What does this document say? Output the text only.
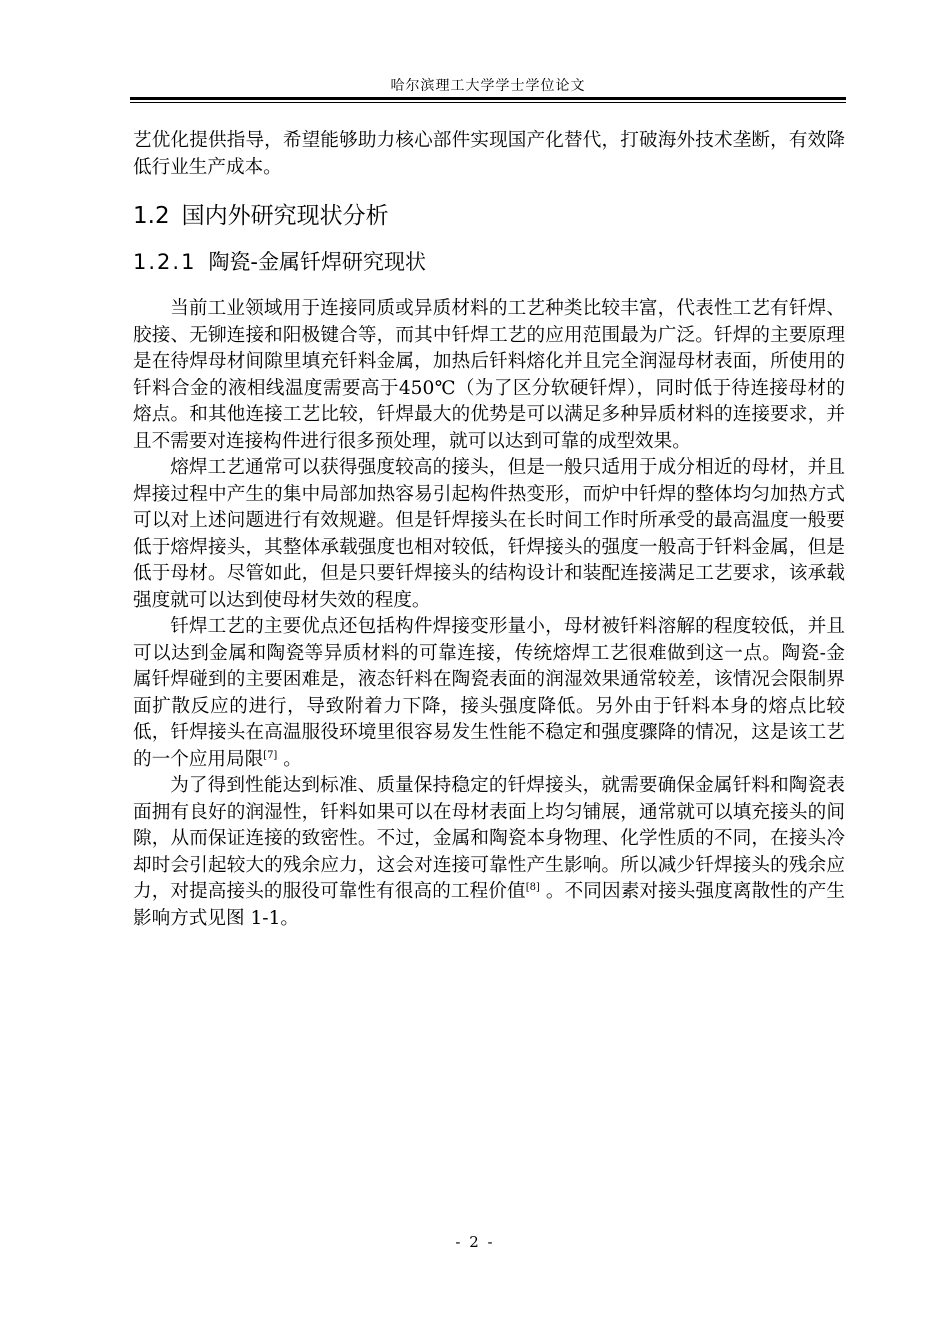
哈尔滨理工大学学士学位论文

艺优化提供指导，希望能够助力核心部件实现国产化替代，打破海外技术垄断，有效降低行业生产成本。

1.2 国内外研究现状分析
1.2.1 陶瓷-金属钎焊研究现状

当前工业领域用于连接同质或异质材料的工艺种类比较丰富，代表性工艺有钎焊、胶接、无铆连接和阳极键合等，而其中钎焊工艺的应用范围最为广泛。钎焊的主要原理是在待焊母材间隙里填充钎料金属，加热后钎料熔化并且完全润湿母材表面，所使用的钎料合金的液相线温度需要高于450℃（为了区分软硬钎焊），同时低于待连接母材的熔点。和其他连接工艺比较，钎焊最大的优势是可以满足多种异质材料的连接要求，并且不需要对连接构件进行很多预处理，就可以达到可靠的成型效果。

熔焊工艺通常可以获得强度较高的接头，但是一般只适用于成分相近的母材，并且焊接过程中产生的集中局部加热容易引起构件热变形，而炉中钎焊的整体均匀加热方式可以对上述问题进行有效规避。但是钎焊接头在长时间工作时所承受的最高温度一般要低于熔焊接头，其整体承载强度也相对较低，钎焊接头的强度一般高于钎料金属，但是低于母材。尽管如此，但是只要钎焊接头的结构设计和装配连接满足工艺要求，该承载强度就可以达到使母材失效的程度。

钎焊工艺的主要优点还包括构件焊接变形量小，母材被钎料溶解的程度较低，并且可以达到金属和陶瓷等异质材料的可靠连接，传统熔焊工艺很难做到这一点。陶瓷-金属钎焊碰到的主要困难是，液态钎料在陶瓷表面的润湿效果通常较差，该情况会限制界面扩散反应的进行，导致附着力下降，接头强度降低。另外由于钎料本身的熔点比较低，钎焊接头在高温服役环境里很容易发生性能不稳定和强度骤降的情况，这是该工艺的一个应用局限[7] 。

为了得到性能达到标准、质量保持稳定的钎焊接头，就需要确保金属钎料和陶瓷表面拥有良好的润湿性，钎料如果可以在母材表面上均匀铺展，通常就可以填充接头的间隙，从而保证连接的致密性。不过，金属和陶瓷本身物理、化学性质的不同，在接头冷却时会引起较大的残余应力，这会对连接可靠性产生影响。所以减少钎焊接头的残余应力，对提高接头的服役可靠性有很高的工程价值[8] 。不同因素对接头强度离散性的产生影响方式见图 1-1。

- 2 -
